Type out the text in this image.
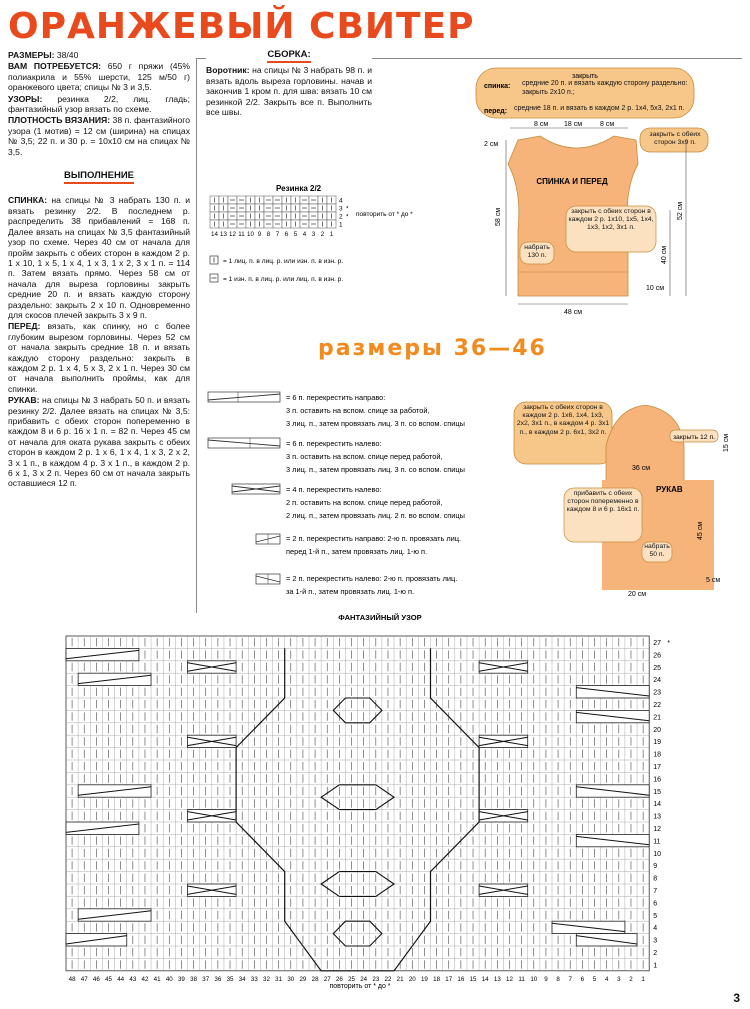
ОРАНЖЕВЫЙ СВИТЕР
РАЗМЕРЫ: 38/40
ВАМ ПОТРЕБУЕТСЯ: 650 г пряжи (45% полиакрила и 55% шерсти, 125 м/50 г) оранжевого цвета; спицы № 3 и 3,5.
УЗОРЫ: резинка 2/2, лиц. гладь; фантазийный узор вязать по схеме.
ПЛОТНОСТЬ ВЯЗАНИЯ: 38 п. фантазийного узора (1 мотив) = 12 см (ширина) на спицах № 3,5; 22 п. и 30 р. = 10х10 см на спицах № 3,5.
ВЫПОЛНЕНИЕ
СПИНКА: на спицы № 3 набрать 130 п. и вязать резинку 2/2. В последнем р. распределить 38 прибавлений = 168 п. Далее вязать на спицах № 3,5 фантазийный узор по схеме. Через 40 см от начала для пройм закрыть с обеих сторон в каждом 2 р. 1 х 10, 1 х 5, 1 х 4, 1 х 3, 1 х 2, 3 х 1 п. = 114 п. Затем вязать прямо. Через 58 см от начала для выреза горловины закрыть средние 20 п. и вязать каждую сторону раздельно: закрыть 2 х 10 п. Одновременно для скосов плечей закрыть 3 х 9 п.
ПЕРЕД: вязать, как спинку, но с более глубоким вырезом горловины. Через 52 см от начала закрыть средние 18 п. и вязать каждую сторону раздельно: закрыть в каждом 2 р. 1 х 4, 5 х 3, 2 х 1 п. Через 30 см от начала выполнить проймы, как для спинки.
РУКАВ: на спицы № 3 набрать 50 п. и вязать резинку 2/2. Далее вязать на спицах № 3,5: прибавить с обеих сторон попеременно в каждом 8 и 6 р. 16 х 1 п. = 82 п. Через 45 см от начала для оката рукава закрыть с обеих сторон в каждом 2 р. 1 х 6, 1 х 4, 1 х 3, 2 х 2, 3 х 1 п., в каждом 4 р. 3 х 1 п., в каждом 2 р. 6 х 1, 3 х 2 п. Через 60 см от начала закрыть оставшиеся 12 п.
СБОРКА:
Воротник: на спицы № 3 набрать 98 п. и вязать вдоль выреза горловины. начав и закончив 1 кром п. для шва: вязать 10 см резинкой 2/2. Закрыть все п. Выполнить все швы.
Резинка 2/2
4
3
2
1
*
*
14 13 12 11 10 9 8 7 6 5 4 3 2 1
повторить от * до *
= 1 лиц. п. в лиц. р. или изн. п. в изн. р.
= 1 изн. п. в лиц. р. или лиц. п. в изн. р.
закрыть
спинка: средние 20 п. и вязать каждую сторону раздельно: закрыть 2х10 п.;
перед: средние 18 п. и вязать в каждом 2 р. 1х4, 5х3, 2х1 п.
8 см 18 см	8 см
закрыть с обеих сторон 3х9 п.
2 см
СПИНКА И ПЕРЕД
закрыть с обеих сторон в каждом 2 р. 1х10, 1х5, 1х4, 1х3, 1х2, 3х1 п.
58 см	52 см
40 см
набрать 130 п.
10 см
48 см
размеры 36—46
= 6 п. перекрестить направо:
3 п. оставить на вспом. спице за работой,
3 лиц. п., затем провязать лиц. 3 п. со вспом. спицы
= 6 п. перекрестить налево:
3 п. оставить на вспом. спице перед работой,
3 лиц. п., затем провязать лиц. 3 п. со вспом. спицы
= 4 п. перекрестить налево:
2 п. оставить на вспом. спице перед работой,
2 лиц. п., затем провязать лиц. 2 п. во вспом. спицы
= 2 п. перекрестить направо: 2-ю п. провязать лиц.
перед 1-й п., затем провязать лиц. 1-ю п.
= 2 п. перекрестить налево: 2-ю п. провязать лиц.
за 1-й п., затем провязать лиц. 1-ю п.
закрыть с обеих сторон в каждом 2 р. 1х6, 1х4, 1х3, 2х2, 3х1 п., в каждом 4 р. 3х1 п., в каждом 2 р. 6х1, 3х2 п.
закрыть 12 п. 15 см
36 см
РУКАВ
прибавить с обеих сторон попеременно в каждом 8 и 6 р. 16х1 п.
45 см
набрать 50 п.
5 см
20 см
ФАНТАЗИЙНЫЙ УЗОР
27
26
25
24
23
22
21
20
19
18
17
16
15
14
13
12
11
10
9
8
7
6
5
4
3
2
1
*
48 47 46 45 44 43 42 41 40 39 38 37 36 35 34 33 32 31 30 29 28 27 26 25 24 23 22 21 20 19 18 17 16 15 14 13 12 11 10 9 8 7 6 5 4 3 2 1
повторить от * до *
3
